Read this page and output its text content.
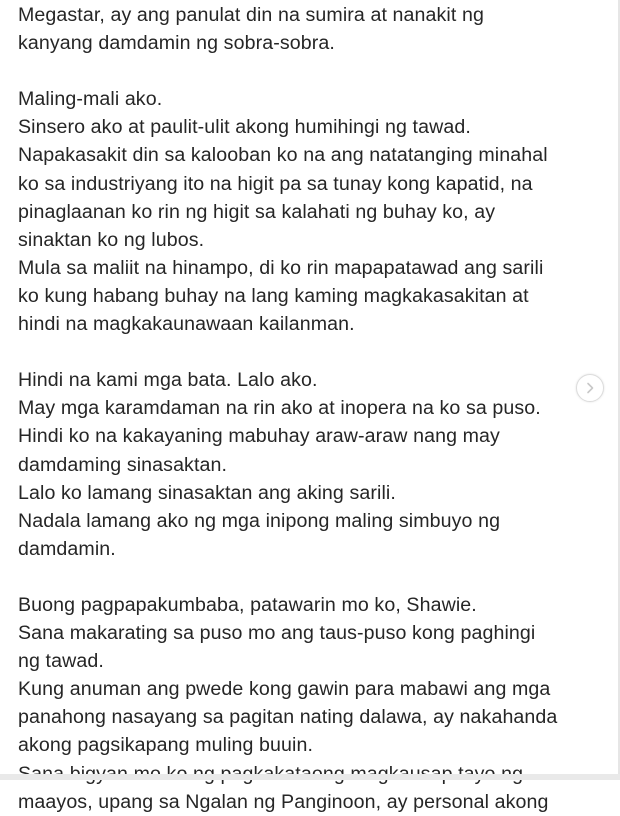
Megastar, ay ang panulat din na sumira at nanakit ng
kanyang damdamin ng sobra-sobra.
Maling-mali ako.
Sinsero ako at paulit-ulit akong humihingi ng tawad.
Napakasakit din sa kalooban ko na ang natatanging minahal
ko sa industriyang ito na higit pa sa tunay kong kapatid, na
pinaglaanan ko rin ng higit sa kalahati ng buhay ko, ay
sinaktan ko ng lubos.
Mula sa maliit na hinampo, di ko rin mapapatawad ang sarili
ko kung habang buhay na lang kaming magkakasakitan at
hindi na magkakaunawaan kailanman.
Hindi na kami mga bata. Lalo ako.
May mga karamdaman na rin ako at inopera na ko sa puso.
Hindi ko na kakayaning mabuhay araw-araw nang may
damdaming sinasaktan.
Lalo ko lamang sinasaktan ang aking sarili.
Nadala lamang ako ng mga inipong maling simbuyo ng
damdamin.
Buong pagpapakumbaba, patawarin mo ko, Shawie.
Sana makarating sa puso mo ang taus-puso kong paghingi
ng tawad.
Kung anuman ang pwede kong gawin para mabawi ang mga
panahong nasayang sa pagitan nating dalawa, ay nakahanda
akong pagsikapang muling buuin.
maayos, upang sa Ngalan ng Panginoon, ay personal akong
